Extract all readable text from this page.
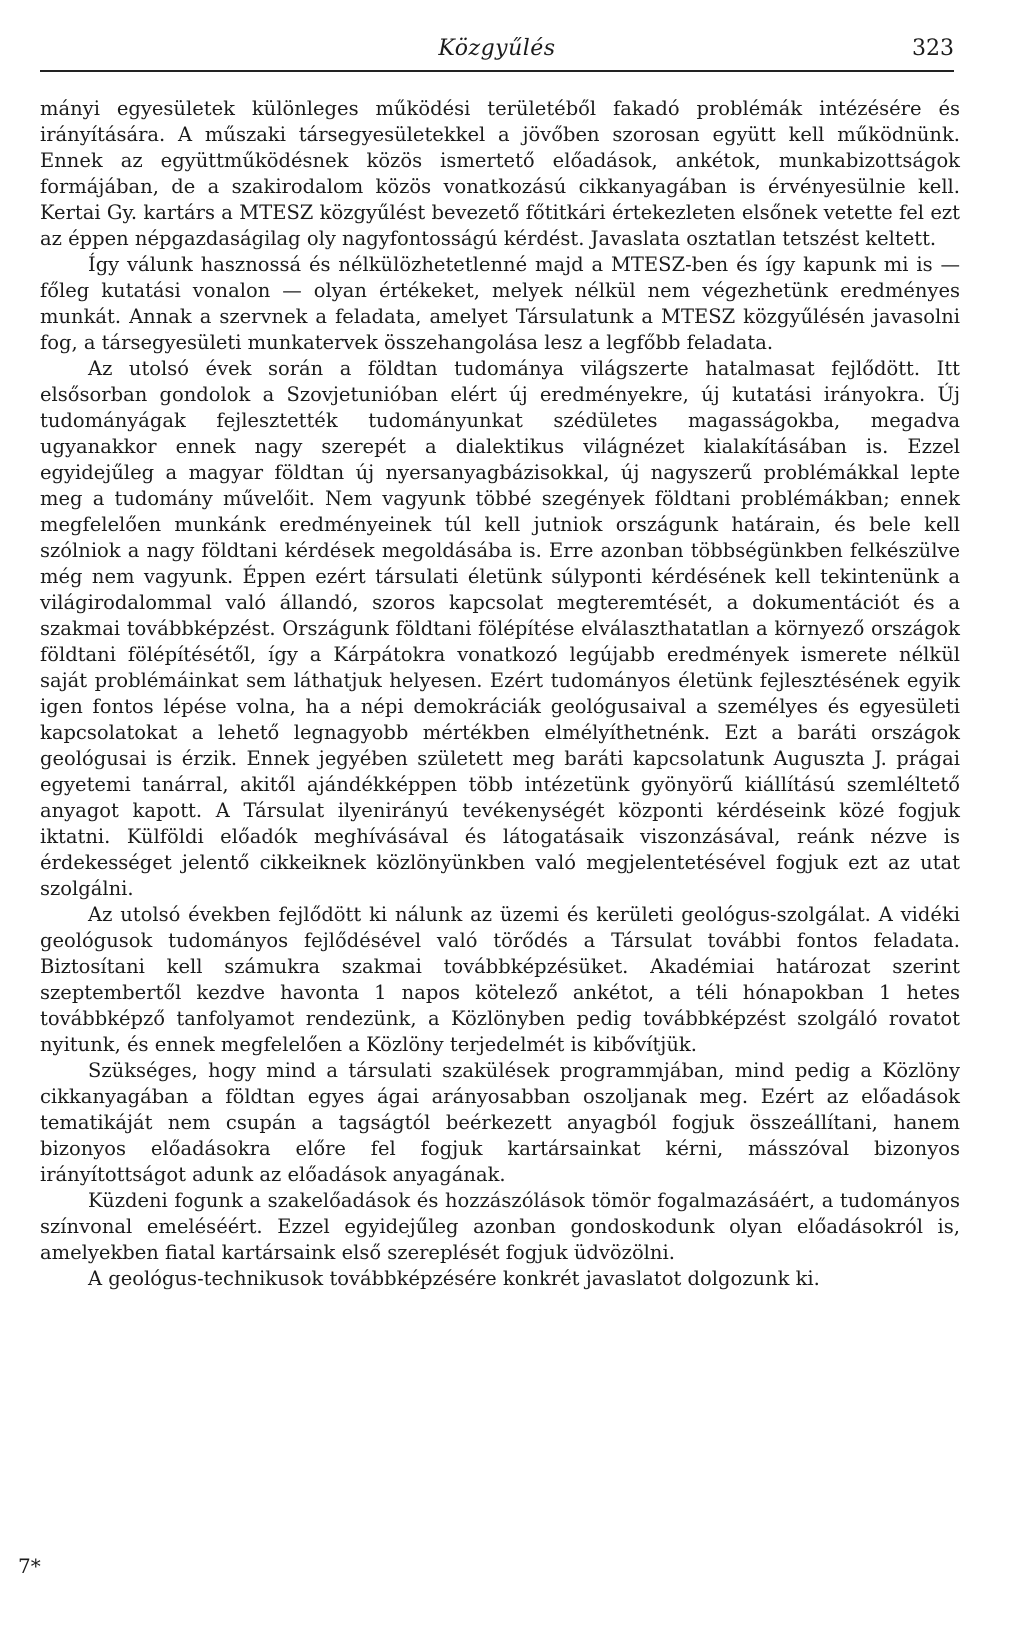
Közgyűlés	323

mányi egyesületek különleges működési területéből fakadó problémák intézésére és irányítására. A műszaki társegyesületekkel a jövőben szorosan együtt kell működnünk. Ennek az együttműködésnek közös ismertető előadások, ankétok, munkabizottságok formájában, de a szakirodalom közös vonatkozású cikkanyagában is érvényesülnie kell. Kertai Gy. kartárs a MTESZ közgyűlést bevezető főtitkári értekezleten elsőnek vetette fel ezt az éppen népgazdaságilag oly nagyfontosságú kérdést. Javaslata osztatlan tetszést keltett.

Így válunk hasznossá és nélkülözhetetlenné majd a MTESZ-ben és így kapunk mi is — főleg kutatási vonalon — olyan értékeket, melyek nélkül nem végezhetünk eredményes munkát. Annak a szervnek a feladata, amelyet Társulatunk a MTESZ közgyűlésén javasolni fog, a társegyesületi munkatervek összehangolása lesz a legfőbb feladata.

Az utolsó évek során a földtan tudománya világszerte hatalmasat fejlődött. Itt elsősorban gondolok a Szovjetunióban elért új eredményekre, új kutatási irányokra. Új tudományágak fejlesztették tudományunkat szédületes magasságokba, megadva ugyanakkor ennek nagy szerepét a dialektikus világnézet kialakításában is. Ezzel egyidejűleg a magyar földtan új nyersanyagbázisokkal, új nagyszerű problémákkal lepte meg a tudomány művelőit. Nem vagyunk többé szegények földtani problémákban; ennek megfelelően munkánk eredményeinek túl kell jutniok országunk határain, és bele kell szólniok a nagy földtani kérdések megoldásába is. Erre azonban többségünkben felkészülve még nem vagyunk. Éppen ezért társulati életünk súlyponti kérdésének kell tekintenünk a világirodalommal való állandó, szoros kapcsolat megteremtését, a dokumentációt és a szakmai továbbképzést. Országunk földtani fölépítése elválaszthatatlan a környező országok földtani fölépítésétől, így a Kárpátokra vonatkozó legújabb eredmények ismerete nélkül saját problémáinkat sem láthatjuk helyesen. Ezért tudományos életünk fejlesztésének egyik igen fontos lépése volna, ha a népi demokráciák geológusaival a személyes és egyesületi kapcsolatokat a lehető legnagyobb mértékben elmélyíthetnénk. Ezt a baráti országok geológusai is érzik. Ennek jegyében született meg baráti kapcsolatunk Auguszta J. prágai egyetemi tanárral, akitől ajándékképpen több intézetünk gyönyörű kiállítású szemléltető anyagot kapott. A Társulat ilyenirányú tevékenységét központi kérdéseink közé fogjuk iktatni. Külföldi előadók meghívásával és látogatásaik viszonzásával, reánk nézve is érdekességet jelentő cikkeiknek közlönyünkben való megjelentetésével fogjuk ezt az utat szolgálni.

Az utolsó években fejlődött ki nálunk az üzemi és kerületi geológus-szolgálat. A vidéki geológusok tudományos fejlődésével való törődés a Társulat további fontos feladata. Biztosítani kell számukra szakmai továbbképzésüket. Akadémiai határozat szerint szeptembertől kezdve havonta 1 napos kötelező ankétot, a téli hónapokban 1 hetes továbbképző tanfolyamot rendezünk, a Közlönyben pedig továbbképzést szolgáló rovatot nyitunk, és ennek megfelelően a Közlöny terjedelmét is kibővítjük.

Szükséges, hogy mind a társulati szakülések programmjában, mind pedig a Közlöny cikkanyagában a földtan egyes ágai arányosabban oszoljanak meg. Ezért az előadások tematikáját nem csupán a tagságtól beérkezett anyagból fogjuk összeállítani, hanem bizonyos előadásokra előre fel fogjuk kartársainkat kérni, másszóval bizonyos irányítottságot adunk az előadások anyagának.

Küzdeni fogunk a szakelőadások és hozzászólások tömör fogalmazásáért, a tudományos színvonal emeléséért. Ezzel egyidejűleg azonban gondoskodunk olyan előadásokról is, amelyekben fiatal kartársaink első szereplését fogjuk üdvözölni.

A geológus-technikusok továbbképzésére konkrét javaslatot dolgozunk ki.

7*
